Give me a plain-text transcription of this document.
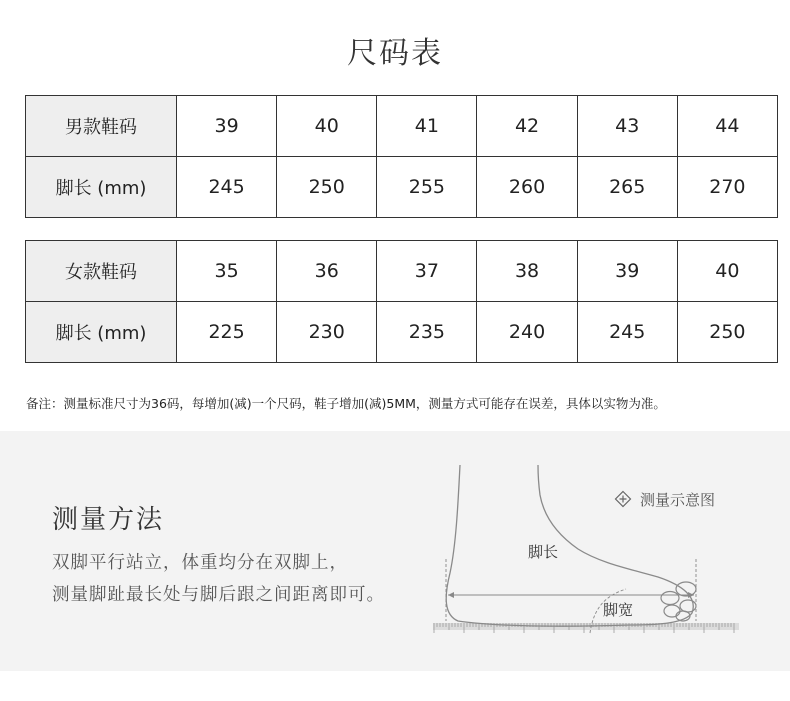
尺码表
男款鞋码	39	40	41	42	43	44
脚长 (mm)	245	250	255	260	265	270
女款鞋码	35	36	37	38	39	40
脚长 (mm)	225	230	235	240	245	250
备注：测量标准尺寸为36码，每增加(减)一个尺码，鞋子增加(减)5MM，测量方式可能存在误差，具体以实物为准。
测量方法
双脚平行站立，体重均分在双脚上，
测量脚趾最长处与脚后跟之间距离即可。
测量示意图
脚长
脚宽
